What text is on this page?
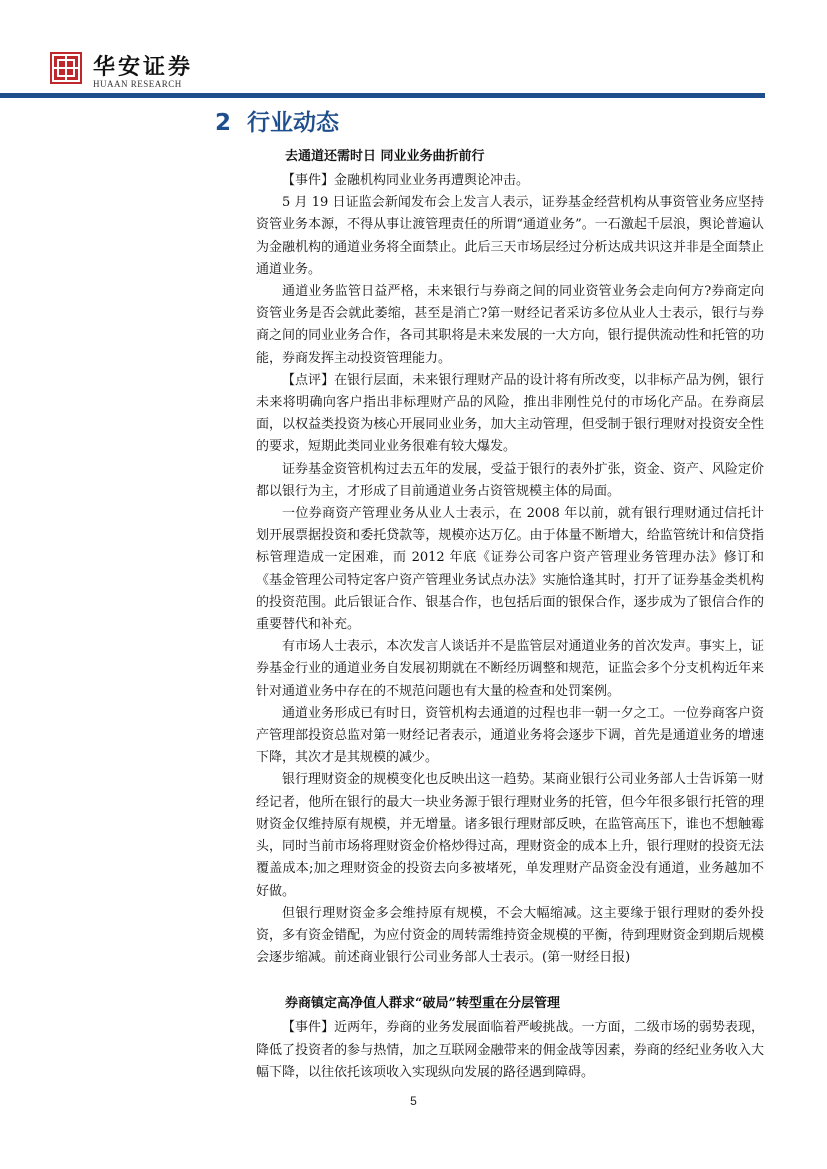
华安证券
HUAAN RESEARCH
2 行业动态
去通道还需时日 同业业务曲折前行

【事件】金融机构同业业务再遭舆论冲击。

5 月 19 日证监会新闻发布会上发言人表示，证券基金经营机构从事资管业务应坚持资管业务本源，不得从事让渡管理责任的所谓“通道业务”。一石激起千层浪，舆论普遍认为金融机构的通道业务将全面禁止。此后三天市场层经过分析达成共识这并非是全面禁止通道业务。

通道业务监管日益严格，未来银行与券商之间的同业资管业务会走向何方?券商定向资管业务是否会就此萎缩，甚至是消亡?第一财经记者采访多位从业人士表示，银行与券商之间的同业业务合作，各司其职将是未来发展的一大方向，银行提供流动性和托管的功能，券商发挥主动投资管理能力。

【点评】在银行层面，未来银行理财产品的设计将有所改变，以非标产品为例，银行未来将明确向客户指出非标理财产品的风险，推出非刚性兑付的市场化产品。在券商层面，以权益类投资为核心开展同业业务，加大主动管理，但受制于银行理财对投资安全性的要求，短期此类同业业务很难有较大爆发。

证券基金资管机构过去五年的发展，受益于银行的表外扩张，资金、资产、风险定价都以银行为主，才形成了目前通道业务占资管规模主体的局面。

一位券商资产管理业务从业人士表示，在 2008 年以前，就有银行理财通过信托计划开展票据投资和委托贷款等，规模亦达万亿。由于体量不断增大，给监管统计和信贷指标管理造成一定困难，而 2012 年底《证券公司客户资产管理业务管理办法》修订和《基金管理公司特定客户资产管理业务试点办法》实施恰逢其时，打开了证券基金类机构的投资范围。此后银证合作、银基合作，也包括后面的银保合作，逐步成为了银信合作的重要替代和补充。

有市场人士表示，本次发言人谈话并不是监管层对通道业务的首次发声。事实上，证券基金行业的通道业务自发展初期就在不断经历调整和规范，证监会多个分支机构近年来针对通道业务中存在的不规范问题也有大量的检查和处罚案例。

通道业务形成已有时日，资管机构去通道的过程也非一朝一夕之工。一位券商客户资产管理部投资总监对第一财经记者表示，通道业务将会逐步下调，首先是通道业务的增速下降，其次才是其规模的减少。

银行理财资金的规模变化也反映出这一趋势。某商业银行公司业务部人士告诉第一财经记者，他所在银行的最大一块业务源于银行理财业务的托管，但今年很多银行托管的理财资金仅维持原有规模，并无增量。诸多银行理财部反映，在监管高压下，谁也不想触霉头，同时当前市场将理财资金价格炒得过高，理财资金的成本上升，银行理财的投资无法覆盖成本;加之理财资金的投资去向多被堵死，单发理财产品资金没有通道，业务越加不好做。

但银行理财资金多会维持原有规模，不会大幅缩减。这主要缘于银行理财的委外投资，多有资金错配，为应付资金的周转需维持资金规模的平衡，待到理财资金到期后规模会逐步缩减。前述商业银行公司业务部人士表示。(第一财经日报)

券商镇定高净值人群求“破局”转型重在分层管理

【事件】近两年，券商的业务发展面临着严峻挑战。一方面，二级市场的弱势表现，降低了投资者的参与热情，加之互联网金融带来的佣金战等因素，券商的经纪业务收入大幅下降，以往依托该项收入实现纵向发展的路径遇到障碍。

5
